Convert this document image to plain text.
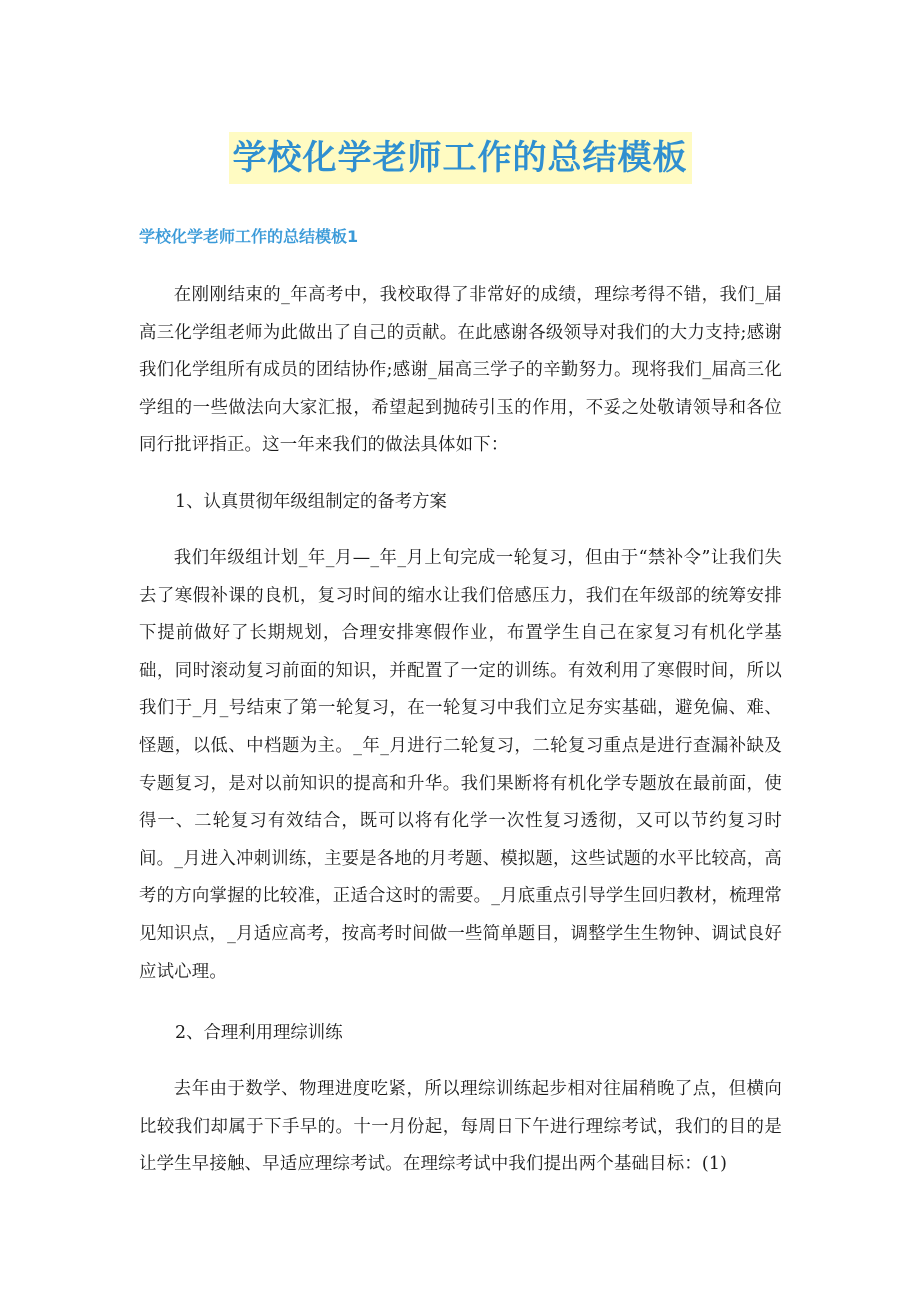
学校化学老师工作的总结模板
学校化学老师工作的总结模板1

在刚刚结束的_年高考中，我校取得了非常好的成绩，理综考得不错，我们_届高三化学组老师为此做出了自己的贡献。在此感谢各级领导对我们的大力支持;感谢我们化学组所有成员的团结协作;感谢_届高三学子的辛勤努力。现将我们_届高三化学组的一些做法向大家汇报，希望起到抛砖引玉的作用，不妥之处敬请领导和各位同行批评指正。这一年来我们的做法具体如下：

1、认真贯彻年级组制定的备考方案

我们年级组计划_年_月—_年_月上旬完成一轮复习，但由于“禁补令”让我们失去了寒假补课的良机，复习时间的缩水让我们倍感压力，我们在年级部的统筹安排下提前做好了长期规划，合理安排寒假作业，布置学生自己在家复习有机化学基础，同时滚动复习前面的知识，并配置了一定的训练。有效利用了寒假时间，所以我们于_月_号结束了第一轮复习，在一轮复习中我们立足夯实基础，避免偏、难、怪题，以低、中档题为主。_年_月进行二轮复习，二轮复习重点是进行查漏补缺及专题复习，是对以前知识的提高和升华。我们果断将有机化学专题放在最前面，使得一、二轮复习有效结合，既可以将有化学一次性复习透彻，又可以节约复习时间。_月进入冲刺训练，主要是各地的月考题、模拟题，这些试题的水平比较高，高考的方向掌握的比较准，正适合这时的需要。_月底重点引导学生回归教材，梳理常见知识点，_月适应高考，按高考时间做一些简单题目，调整学生生物钟、调试良好应试心理。

2、合理利用理综训练

去年由于数学、物理进度吃紧，所以理综训练起步相对往届稍晚了点，但横向比较我们却属于下手早的。十一月份起，每周日下午进行理综考试，我们的目的是让学生早接触、早适应理综考试。在理综考试中我们提出两个基础目标：(1)
